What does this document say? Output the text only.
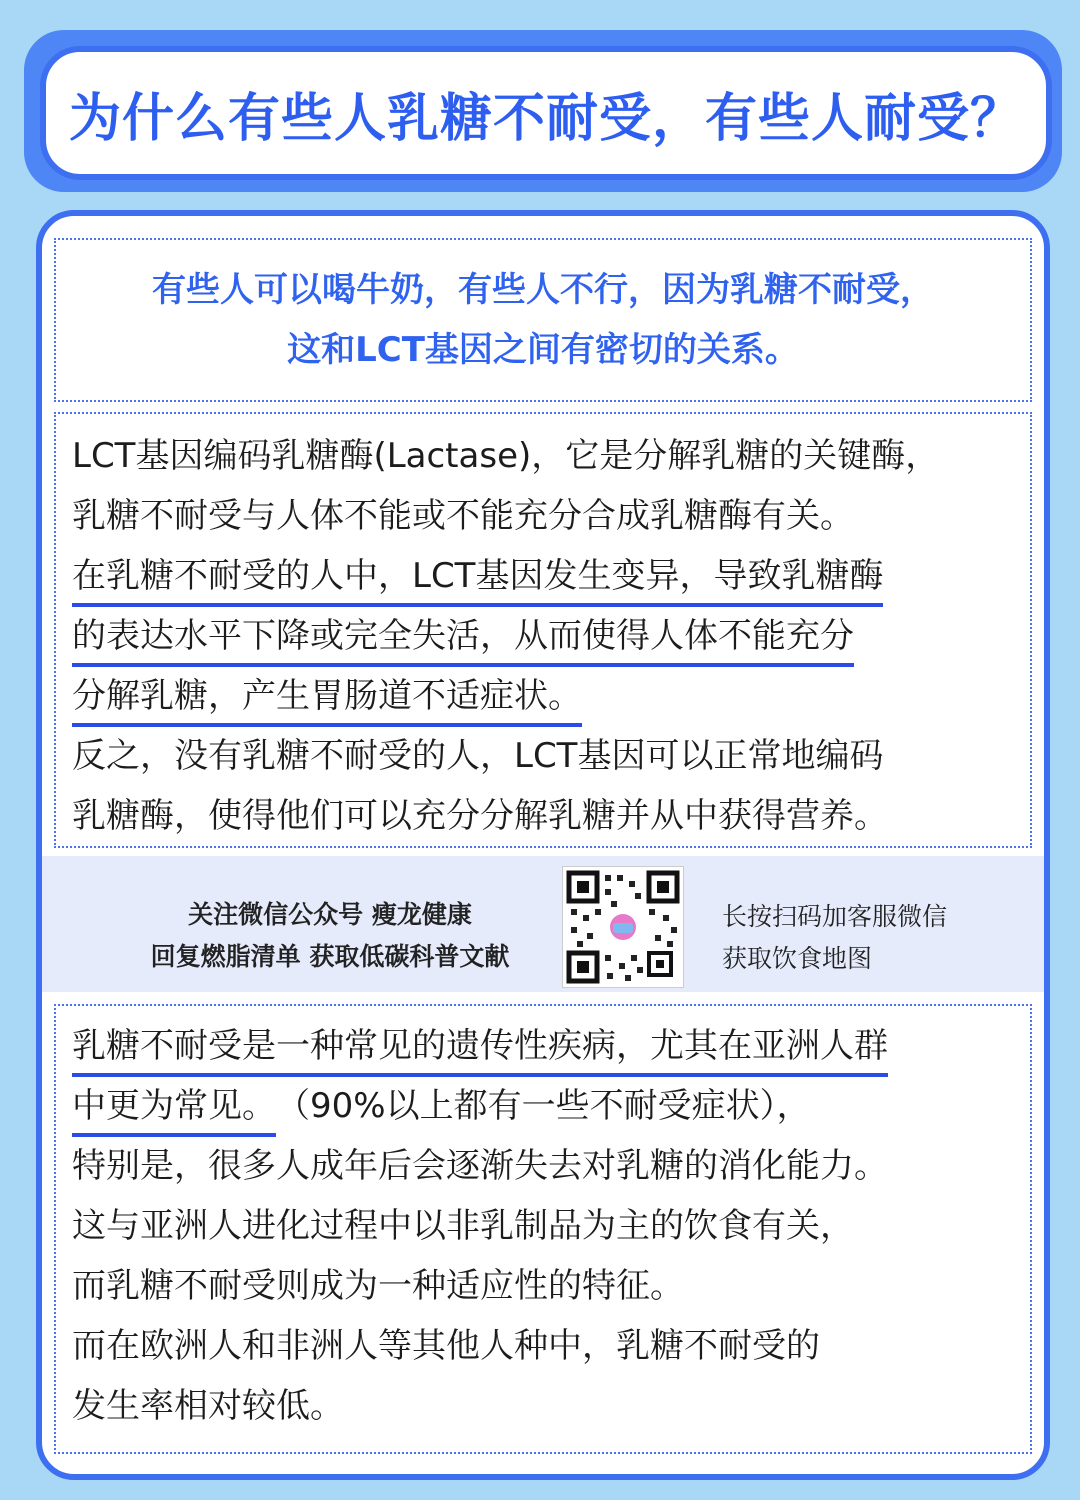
为什么有些人乳糖不耐受，有些人耐受？
有些人可以喝牛奶，有些人不行，因为乳糖不耐受，
这和LCT基因之间有密切的关系。
LCT基因编码乳糖酶(Lactase)，它是分解乳糖的关键酶，
乳糖不耐受与人体不能或不能充分合成乳糖酶有关。
在乳糖不耐受的人中，LCT基因发生变异，导致乳糖酶
的表达水平下降或完全失活，从而使得人体不能充分
分解乳糖，产生胃肠道不适症状。
反之，没有乳糖不耐受的人，LCT基因可以正常地编码
乳糖酶，使得他们可以充分分解乳糖并从中获得营养。
关注微信公众号 瘦龙健康
回复燃脂清单 获取低碳科普文献
长按扫码加客服微信
获取饮食地图
乳糖不耐受是一种常见的遗传性疾病，尤其在亚洲人群
中更为常见。（90%以上都有一些不耐受症状），
特别是，很多人成年后会逐渐失去对乳糖的消化能力。
这与亚洲人进化过程中以非乳制品为主的饮食有关，
而乳糖不耐受则成为一种适应性的特征。
而在欧洲人和非洲人等其他人种中，乳糖不耐受的
发生率相对较低。
